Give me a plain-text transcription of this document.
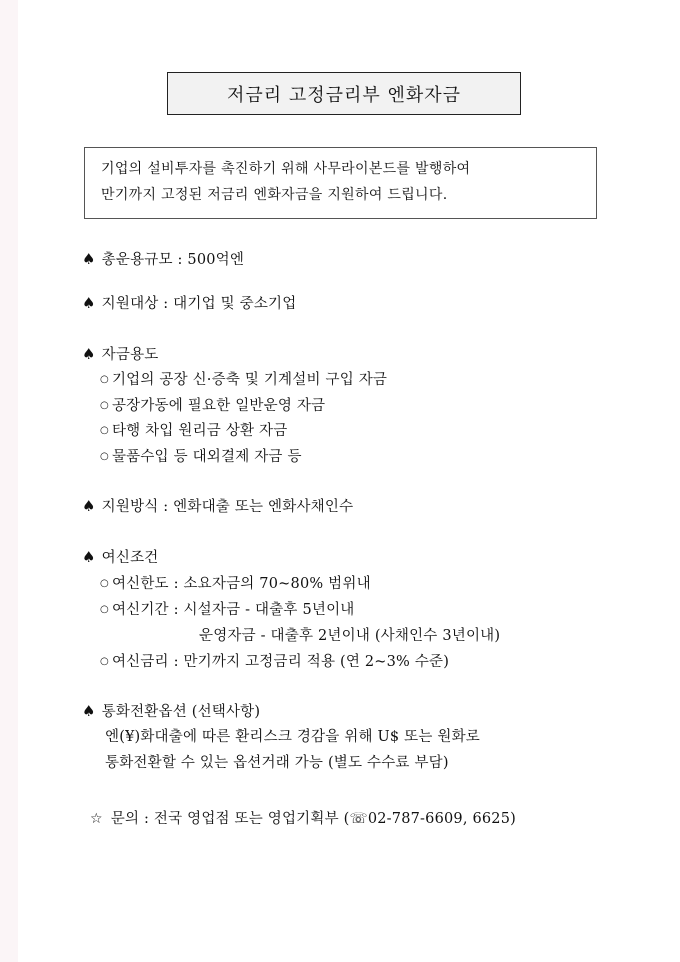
저금리 고정금리부 엔화자금
기업의 설비투자를 촉진하기 위해 사무라이본드를 발행하여
만기까지 고정된 저금리 엔화자금을 지원하여 드립니다.
♠ 총운용규모 : 500억엔
♠ 지원대상 : 대기업 및 중소기업
♠ 자금용도
○ 기업의 공장 신·증축 및 기계설비 구입 자금
○ 공장가동에 필요한 일반운영 자금
○ 타행 차입 원리금 상환 자금
○ 물품수입 등 대외결제 자금 등
♠ 지원방식 : 엔화대출 또는 엔화사채인수
♠ 여신조건
○ 여신한도 : 소요자금의 70~80% 범위내
○ 여신기간 : 시설자금 - 대출후 5년이내
운영자금 - 대출후 2년이내 (사채인수 3년이내)
○ 여신금리 : 만기까지 고정금리 적용 (연 2~3% 수준)
♠ 통화전환옵션 (선택사항)
엔(¥)화대출에 따른 환리스크 경감을 위해 U$ 또는 원화로
통화전환할 수 있는 옵션거래 가능 (별도 수수료 부담)
☆ 문의 : 전국 영업점 또는 영업기획부 (☏02-787-6609, 6625)
